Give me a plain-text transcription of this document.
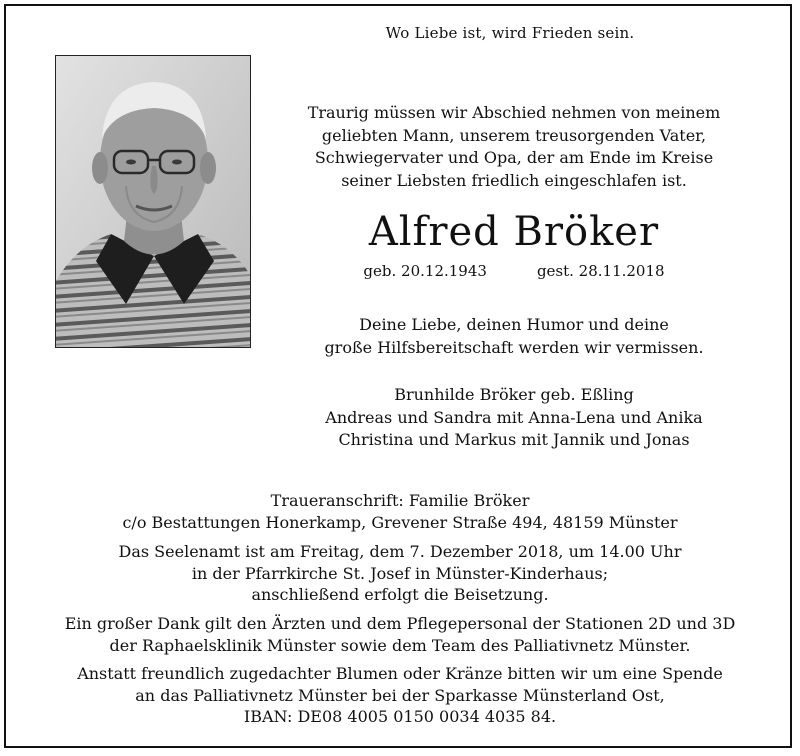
Wo Liebe ist, wird Frieden sein.
Traurig müssen wir Abschied nehmen von meinem
geliebten Mann, unserem treusorgenden Vater,
Schwiegervater und Opa, der am Ende im Kreise
seiner Liebsten friedlich eingeschlafen ist.
Alfred Bröker
geb. 20.12.1943	gest. 28.11.2018
Deine Liebe, deinen Humor und deine
große Hilfsbereitschaft werden wir vermissen.
Brunhilde Bröker geb. Eßling
Andreas und Sandra mit Anna-Lena und Anika
Christina und Markus mit Jannik und Jonas
Traueranschrift: Familie Bröker
c/o Bestattungen Honerkamp, Grevener Straße 494, 48159 Münster
Das Seelenamt ist am Freitag, dem 7. Dezember 2018, um 14.00 Uhr
in der Pfarrkirche St. Josef in Münster-Kinderhaus;
anschließend erfolgt die Beisetzung.
Ein großer Dank gilt den Ärzten und dem Pflegepersonal der Stationen 2D und 3D
der Raphaelsklinik Münster sowie dem Team des Palliativnetz Münster.
Anstatt freundlich zugedachter Blumen oder Kränze bitten wir um eine Spende
an das Palliativnetz Münster bei der Sparkasse Münsterland Ost,
IBAN: DE08 4005 0150 0034 4035 84.
